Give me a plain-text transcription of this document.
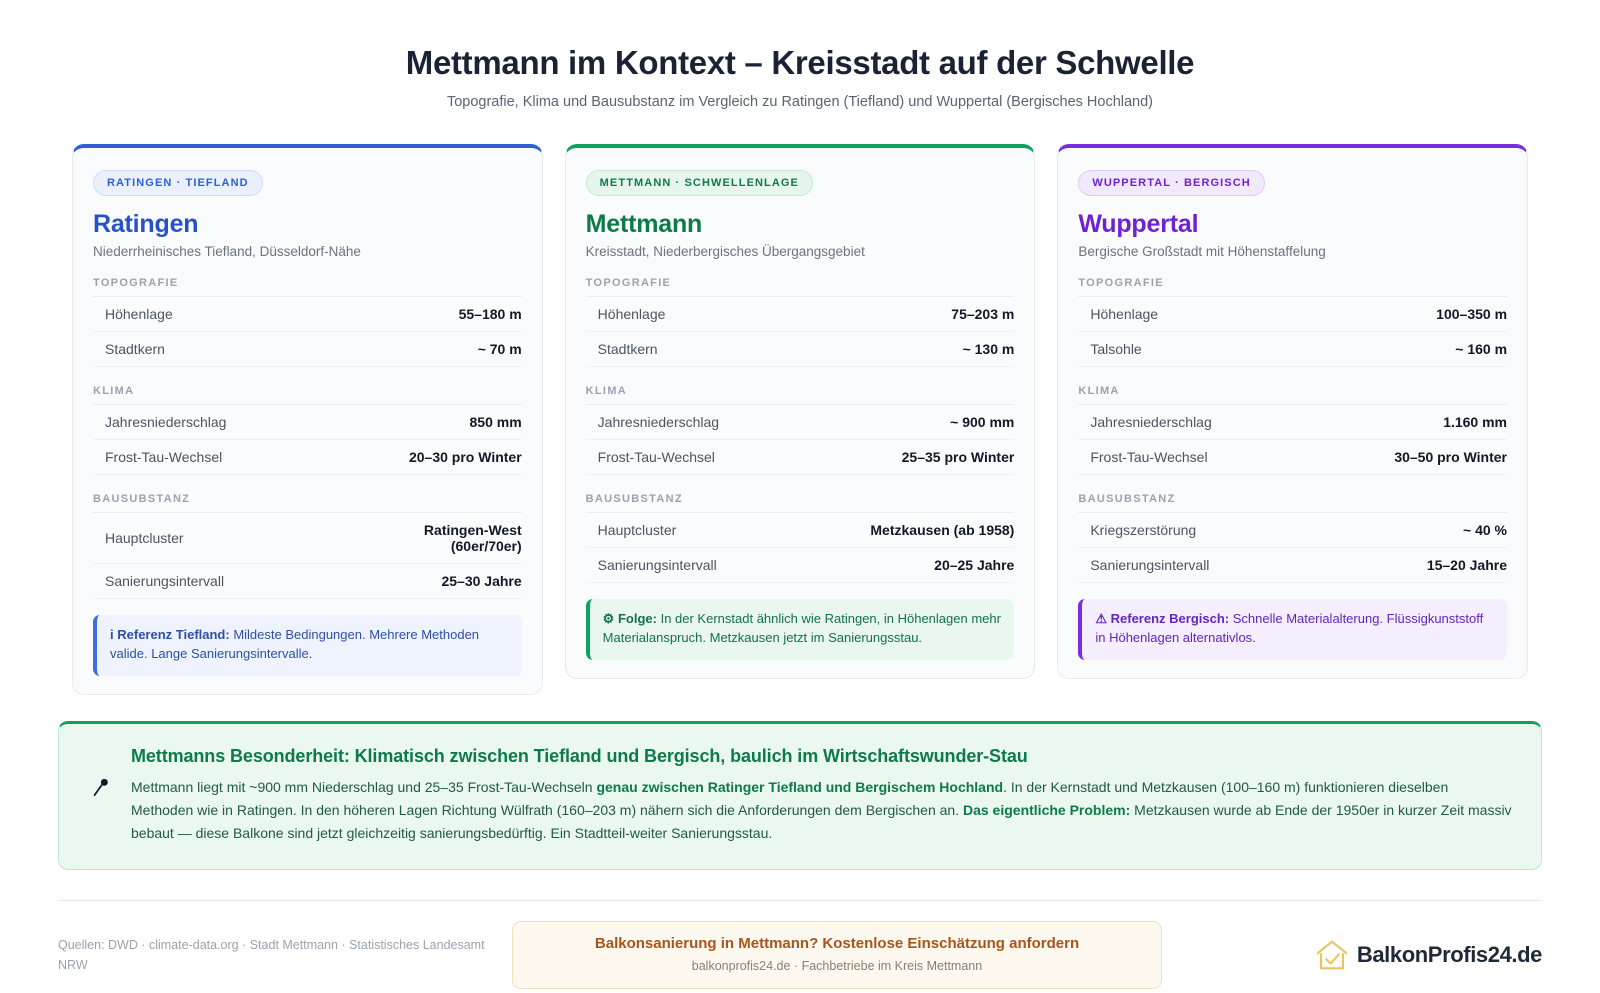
Mettmann im Kontext – Kreisstadt auf der Schwelle
Topografie, Klima und Bausubstanz im Vergleich zu Ratingen (Tiefland) und Wuppertal (Bergisches Hochland)
RATINGEN · TIEFLAND
Ratingen
Niederrheinisches Tiefland, Düsseldorf-Nähe
TOPOGRAFIE
Höhenlage	55–180 m
Stadtkern	~ 70 m
KLIMA
Jahresniederschlag	850 mm
Frost-Tau-Wechsel	20–30 pro Winter
BAUSUBSTANZ
Hauptcluster	Ratingen-West (60er/70er)
Sanierungsintervall	25–30 Jahre
i Referenz Tiefland: Mildeste Bedingungen. Mehrere Methoden valide. Lange Sanierungsintervalle.
METTMANN · SCHWELLENLAGE
Mettmann
Kreisstadt, Niederbergisches Übergangsgebiet
TOPOGRAFIE
Höhenlage	75–203 m
Stadtkern	~ 130 m
KLIMA
Jahresniederschlag	~ 900 mm
Frost-Tau-Wechsel	25–35 pro Winter
BAUSUBSTANZ
Hauptcluster	Metzkausen (ab 1958)
Sanierungsintervall	20–25 Jahre
⚙ Folge: In der Kernstadt ähnlich wie Ratingen, in Höhenlagen mehr Materialanspruch. Metzkausen jetzt im Sanierungsstau.
WUPPERTAL · BERGISCH
Wuppertal
Bergische Großstadt mit Höhenstaffelung
TOPOGRAFIE
Höhenlage	100–350 m
Talsohle	~ 160 m
KLIMA
Jahresniederschlag	1.160 mm
Frost-Tau-Wechsel	30–50 pro Winter
BAUSUBSTANZ
Kriegszerstörung	~ 40 %
Sanierungsintervall	15–20 Jahre
⚠ Referenz Bergisch: Schnelle Materialalterung. Flüssigkunststoff in Höhenlagen alternativlos.
Mettmanns Besonderheit: Klimatisch zwischen Tiefland und Bergisch, baulich im Wirtschaftswunder-Stau

Mettmann liegt mit ~900 mm Niederschlag und 25–35 Frost-Tau-Wechseln genau zwischen Ratinger Tiefland und Bergischem Hochland. In der Kernstadt und Metzkausen (100–160 m) funktionieren dieselben Methoden wie in Ratingen. In den höheren Lagen Richtung Wülfrath (160–203 m) nähern sich die Anforderungen dem Bergischen an. Das eigentliche Problem: Metzkausen wurde ab Ende der 1950er in kurzer Zeit massiv bebaut — diese Balkone sind jetzt gleichzeitig sanierungsbedürftig. Ein Stadtteil-weiter Sanierungsstau.

Quellen: DWD · climate-data.org · Stadt Mettmann · Statistisches Landesamt NRW
Balkonsanierung in Mettmann? Kostenlose Einschätzung anfordern
balkonprofis24.de · Fachbetriebe im Kreis Mettmann	BalkonProfis24.de
